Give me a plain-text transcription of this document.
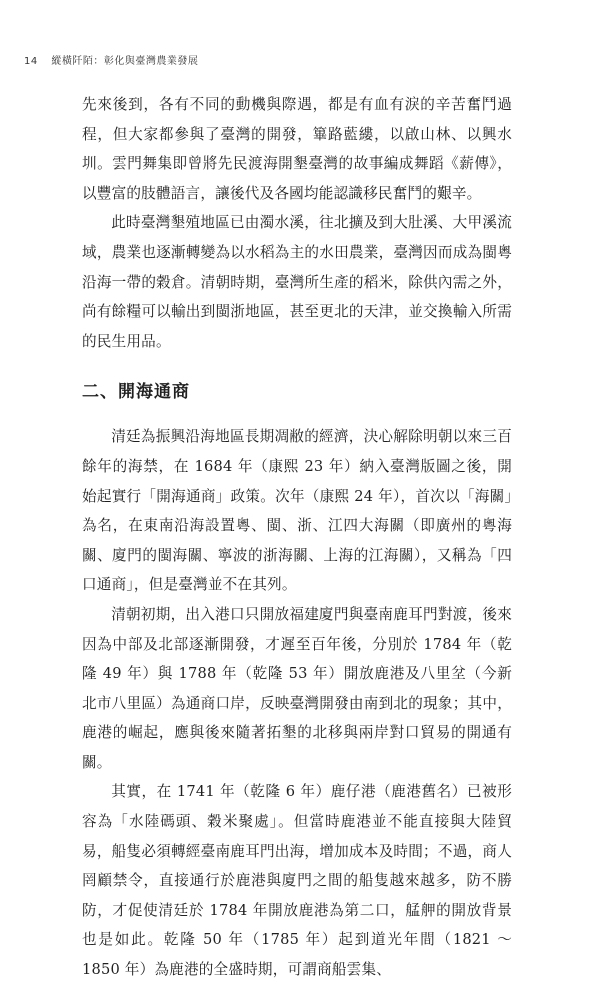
14 縱橫阡陌：彰化與臺灣農業發展

先來後到，各有不同的動機與際遇，都是有血有淚的辛苦奮鬥過程，但大家都參與了臺灣的開發，篳路藍縷，以啟山林、以興水圳。雲門舞集即曾將先民渡海開墾臺灣的故事編成舞蹈《薪傳》，以豐富的肢體語言，讓後代及各國均能認識移民奮鬥的艱辛。

此時臺灣墾殖地區已由濁水溪，往北擴及到大肚溪、大甲溪流域，農業也逐漸轉變為以水稻為主的水田農業，臺灣因而成為閩粵沿海一帶的穀倉。清朝時期，臺灣所生產的稻米，除供內需之外，尚有餘糧可以輸出到閩浙地區，甚至更北的天津，並交換輸入所需的民生用品。

二、開海通商

清廷為振興沿海地區長期凋敝的經濟，決心解除明朝以來三百餘年的海禁，在 1684 年（康熙 23 年）納入臺灣版圖之後，開始起實行「開海通商」政策。次年（康熙 24 年），首次以「海關」為名，在東南沿海設置粵、閩、浙、江四大海關（即廣州的粵海關、廈門的閩海關、寧波的浙海關、上海的江海關），又稱為「四口通商」，但是臺灣並不在其列。

清朝初期，出入港口只開放福建廈門與臺南鹿耳門對渡，後來因為中部及北部逐漸開發，才遲至百年後，分別於 1784 年（乾隆 49 年）與 1788 年（乾隆 53 年）開放鹿港及八里坌（今新北市八里區）為通商口岸，反映臺灣開發由南到北的現象；其中，鹿港的崛起，應與後來隨著拓墾的北移與兩岸對口貿易的開通有關。

其實，在 1741 年（乾隆 6 年）鹿仔港（鹿港舊名）已被形容為「水陸碼頭、穀米聚處」。但當時鹿港並不能直接與大陸貿易，船隻必須轉經臺南鹿耳門出海，增加成本及時間；不過，商人罔顧禁令，直接通行於鹿港與廈門之間的船隻越來越多，防不勝防，才促使清廷於 1784 年開放鹿港為第二口，艋舺的開放背景也是如此。乾隆 50 年（1785 年）起到道光年間（1821 ～ 1850 年）為鹿港的全盛時期，可謂商船雲集、
